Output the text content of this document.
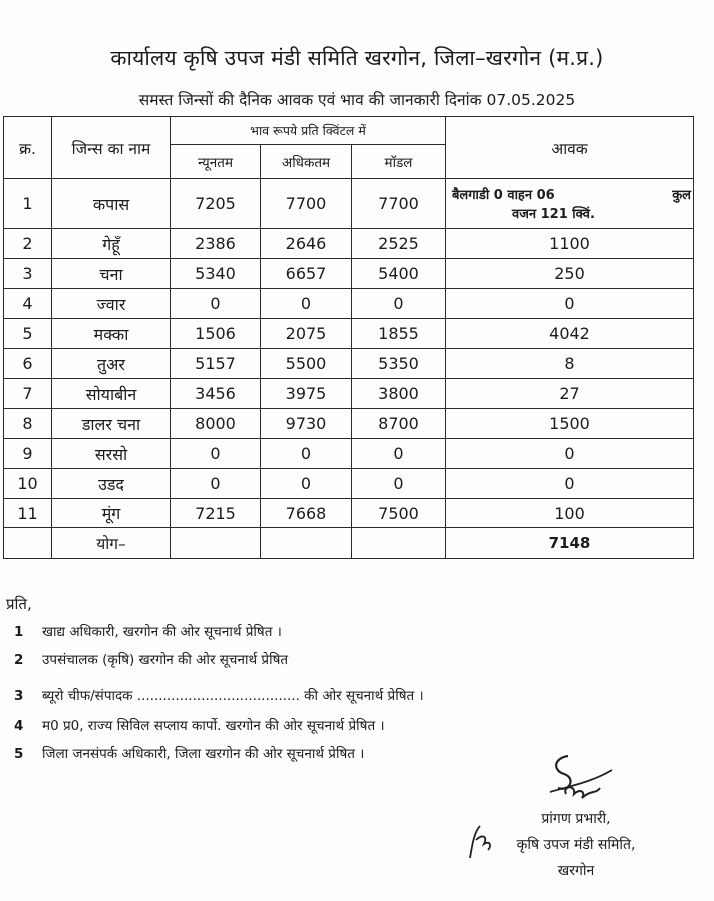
कार्यालय कृषि उपज मंडी समिति खरगोन, जिला–खरगोन (म.प्र.)
समस्त जिन्सों की दैनिक आवक एवं भाव की जानकारी दिनांक 07.05.2025
क्र.	जिन्स का नाम	भाव रूपये प्रति क्विंटल में			आवक
		न्यूनतम	अधिकतम	मॉडल	
1	कपास	7205	7700	7700	बैलगाडी 0 वाहन 06 कुल
वजन 121 क्विं.

2	गेहूँ	2386	2646	2525	1100
3	चना	5340	6657	5400	250
4	ज्वार	0	0	0	0
5	मक्का	1506	2075	1855	4042
6	तुअर	5157	5500	5350	8
7	सोयाबीन	3456	3975	3800	27
8	डालर चना	8000	9730	8700	1500
9	सरसो	0	0	0	0
10	उडद	0	0	0	0
11	मूंग	7215	7668	7500	100
	योग–				7148
प्रति,
1 खाद्य अधिकारी, खरगोन की ओर सूचनार्थ प्रेषित ।
2 उपसंचालक (कृषि) खरगोन की ओर सूचनार्थ प्रेषित
3 ब्यूरो चीफ/संपादक ...................................... की ओर सूचनार्थ प्रेषित ।
4 म0 प्र0, राज्य सिविल सप्लाय कार्पो. खरगोन की ओर सूचनार्थ प्रेषित ।
5 जिला जनसंपर्क अधिकारी, जिला खरगोन की ओर सूचनार्थ प्रेषित ।
प्रांगण प्रभारी,
कृषि उपज मंडी समिति,
खरगोन
